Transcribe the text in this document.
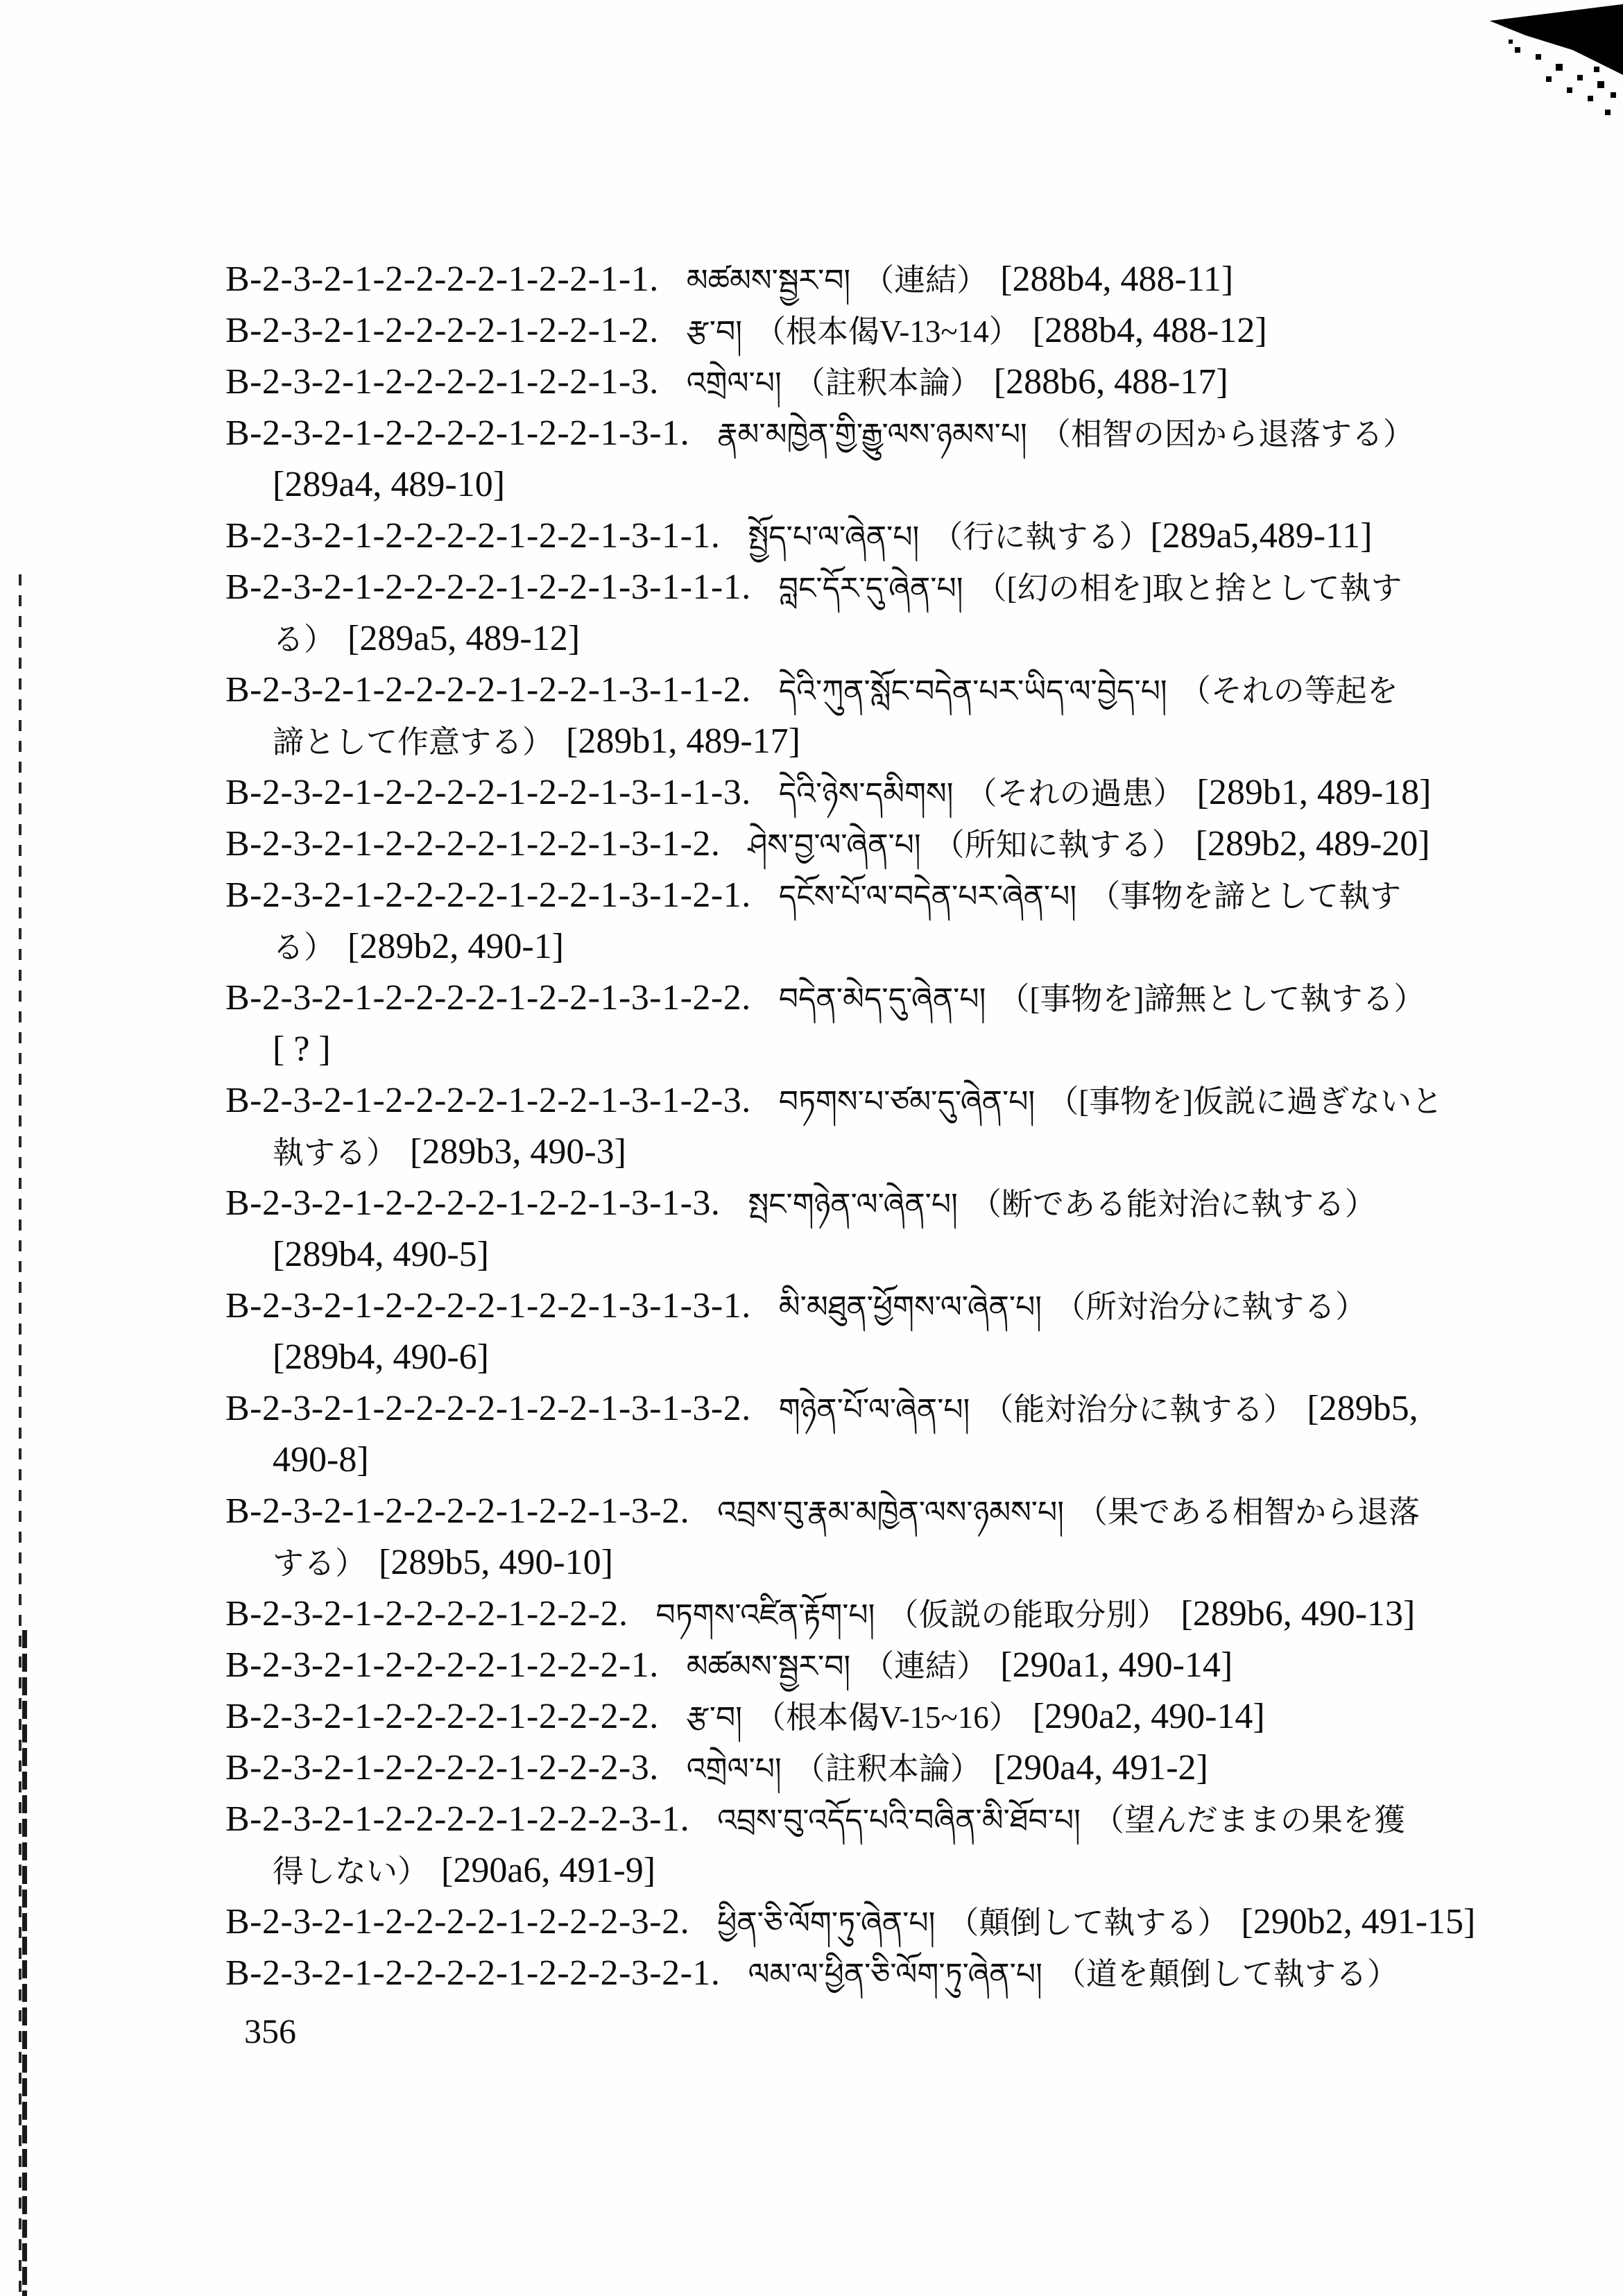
B-2-3-2-1-2-2-2-2-1-2-2-1-1. མཚམས་སྦྱར་བ། （連結） [288b4, 488-11]
B-2-3-2-1-2-2-2-2-1-2-2-1-2. རྩ་བ། （根本偈V-13~14） [288b4, 488-12]
B-2-3-2-1-2-2-2-2-1-2-2-1-3. འགྲེལ་པ། （註釈本論） [288b6, 488-17]
B-2-3-2-1-2-2-2-2-1-2-2-1-3-1. རྣམ་མཁྱེན་གྱི་རྒྱུ་ལས་ཉམས་པ། （相智の因から退落する）
[289a4, 489-10]
B-2-3-2-1-2-2-2-2-1-2-2-1-3-1-1. སྤྱོད་པ་ལ་ཞེན་པ། （行に執する）[289a5,489-11]
B-2-3-2-1-2-2-2-2-1-2-2-1-3-1-1-1. བླང་དོར་དུ་ཞེན་པ། （[幻の相を]取と捨として執す
る） [289a5, 489-12]
B-2-3-2-1-2-2-2-2-1-2-2-1-3-1-1-2. དེའི་ཀུན་སློང་བདེན་པར་ཡིད་ལ་བྱེད་པ། （それの等起を
諦として作意する） [289b1, 489-17]
B-2-3-2-1-2-2-2-2-1-2-2-1-3-1-1-3. དེའི་ཉེས་དམིགས། （それの過患） [289b1, 489-18]
B-2-3-2-1-2-2-2-2-1-2-2-1-3-1-2. ཤེས་བྱ་ལ་ཞེན་པ། （所知に執する） [289b2, 489-20]
B-2-3-2-1-2-2-2-2-1-2-2-1-3-1-2-1. དངོས་པོ་ལ་བདེན་པར་ཞེན་པ། （事物を諦として執す
る） [289b2, 490-1]
B-2-3-2-1-2-2-2-2-1-2-2-1-3-1-2-2. བདེན་མེད་དུ་ཞེན་པ། （[事物を]諦無として執する）
[ ? ]
B-2-3-2-1-2-2-2-2-1-2-2-1-3-1-2-3. བཏགས་པ་ཙམ་དུ་ཞེན་པ། （[事物を]仮説に過ぎないと
執する） [289b3, 490-3]
B-2-3-2-1-2-2-2-2-1-2-2-1-3-1-3. སྤང་གཉེན་ལ་ཞེན་པ། （断である能対治に執する）
[289b4, 490-5]
B-2-3-2-1-2-2-2-2-1-2-2-1-3-1-3-1. མི་མཐུན་ཕྱོགས་ལ་ཞེན་པ། （所対治分に執する）
[289b4, 490-6]
B-2-3-2-1-2-2-2-2-1-2-2-1-3-1-3-2. གཉེན་པོ་ལ་ཞེན་པ། （能対治分に執する） [289b5,
490-8]
B-2-3-2-1-2-2-2-2-1-2-2-1-3-2. འབྲས་བུ་རྣམ་མཁྱེན་ལས་ཉམས་པ། （果である相智から退落
する） [289b5, 490-10]
B-2-3-2-1-2-2-2-2-1-2-2-2. བཏགས་འཛིན་རྟོག་པ། （仮説の能取分別） [289b6, 490-13]
B-2-3-2-1-2-2-2-2-1-2-2-2-1. མཚམས་སྦྱར་བ། （連結） [290a1, 490-14]
B-2-3-2-1-2-2-2-2-1-2-2-2-2. རྩ་བ། （根本偈V-15~16） [290a2, 490-14]
B-2-3-2-1-2-2-2-2-1-2-2-2-3. འགྲེལ་པ། （註釈本論） [290a4, 491-2]
B-2-3-2-1-2-2-2-2-1-2-2-2-3-1. འབྲས་བུ་འདོད་པའི་བཞིན་མི་ཐོབ་པ། （望んだままの果を獲
得しない） [290a6, 491-9]
B-2-3-2-1-2-2-2-2-1-2-2-2-3-2. ཕྱིན་ཅི་ལོག་ཏུ་ཞེན་པ། （顛倒して執する） [290b2, 491-15]
B-2-3-2-1-2-2-2-2-1-2-2-2-3-2-1. ལམ་ལ་ཕྱིན་ཅི་ལོག་ཏུ་ཞེན་པ། （道を顛倒して執する）
356
